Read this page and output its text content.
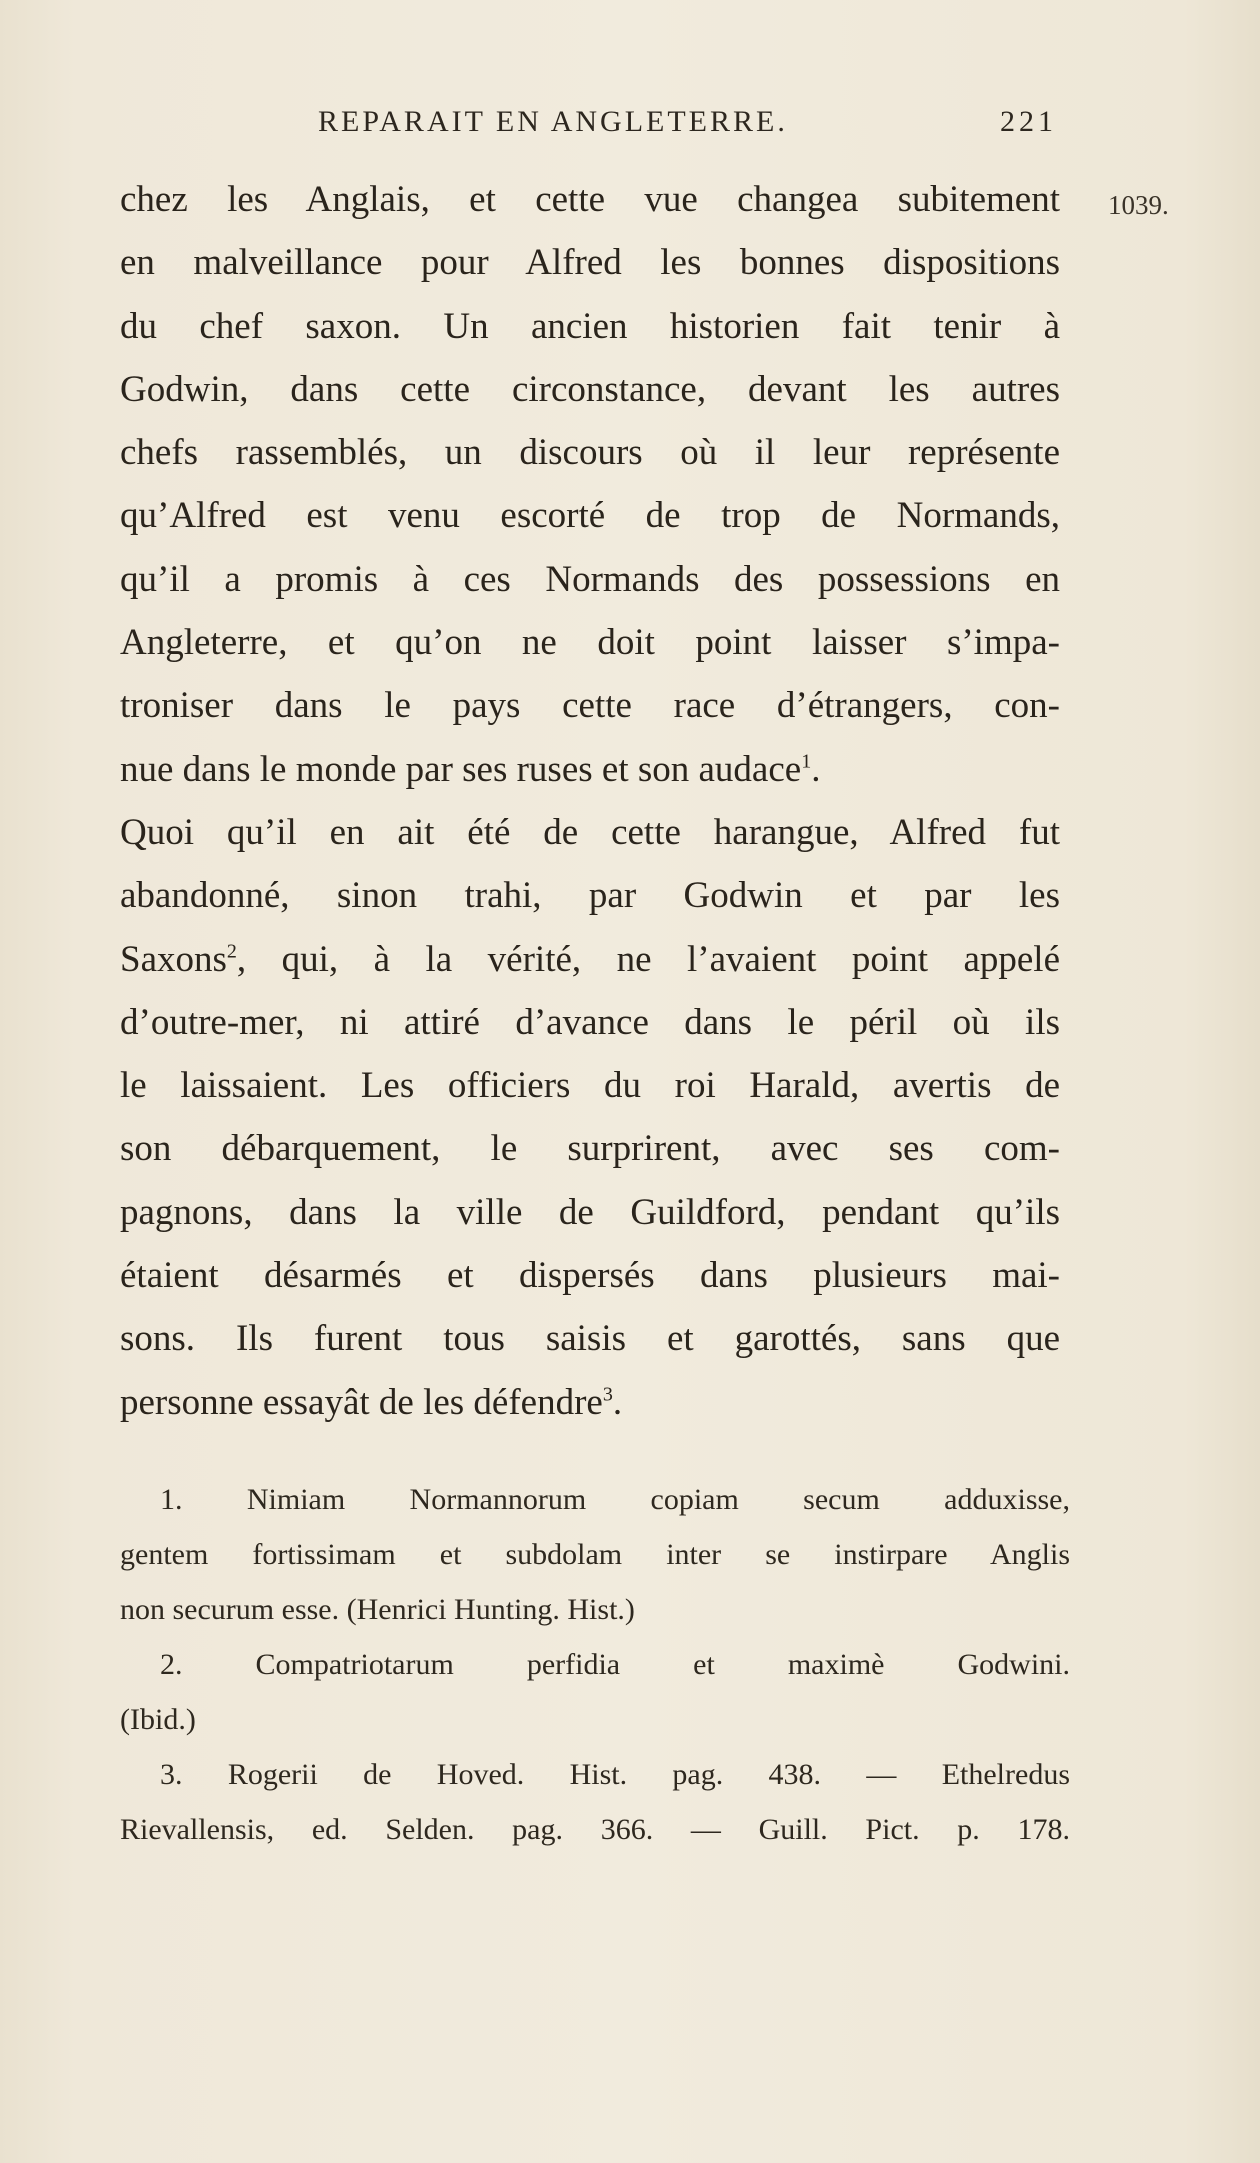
REPARAIT EN ANGLETERRE.	221
1039.
chez les Anglais, et cette vue changea subitement
en malveillance pour Alfred les bonnes dispositions
du chef saxon. Un ancien historien fait tenir à
Godwin, dans cette circonstance, devant les autres
chefs rassemblés, un discours où il leur représente
qu’Alfred est venu escorté de trop de Normands,
qu’il a promis à ces Normands des possessions en
Angleterre, et qu’on ne doit point laisser s’impa-
troniser dans le pays cette race d’étrangers, con-
nue dans le monde par ses ruses et son audace$^1$.
Quoi qu’il en ait été de cette harangue, Alfred fut
abandonné, sinon trahi, par Godwin et par les
Saxons$^2$, qui, à la vérité, ne l’avaient point appelé
d’outre-mer, ni attiré d’avance dans le péril où ils
le laissaient. Les officiers du roi Harald, avertis de
son débarquement, le surprirent, avec ses com-
pagnons, dans la ville de Guildford, pendant qu’ils
étaient désarmés et dispersés dans plusieurs mai-
sons. Ils furent tous saisis et garottés, sans que
personne essayât de les défendre$^3$.
1. Nimiam Normannorum copiam secum adduxisse,
gentem fortissimam et subdolam inter se instirpare Anglis
non securum esse. (Henrici Hunting. Hist.)
2. Compatriotarum perfidia et maximè Godwini.
(Ibid.)
3. Rogerii de Hoved. Hist. pag. 438. — Ethelredus
Rievallensis, ed. Selden. pag. 366. — Guill. Pict. p. 178.
